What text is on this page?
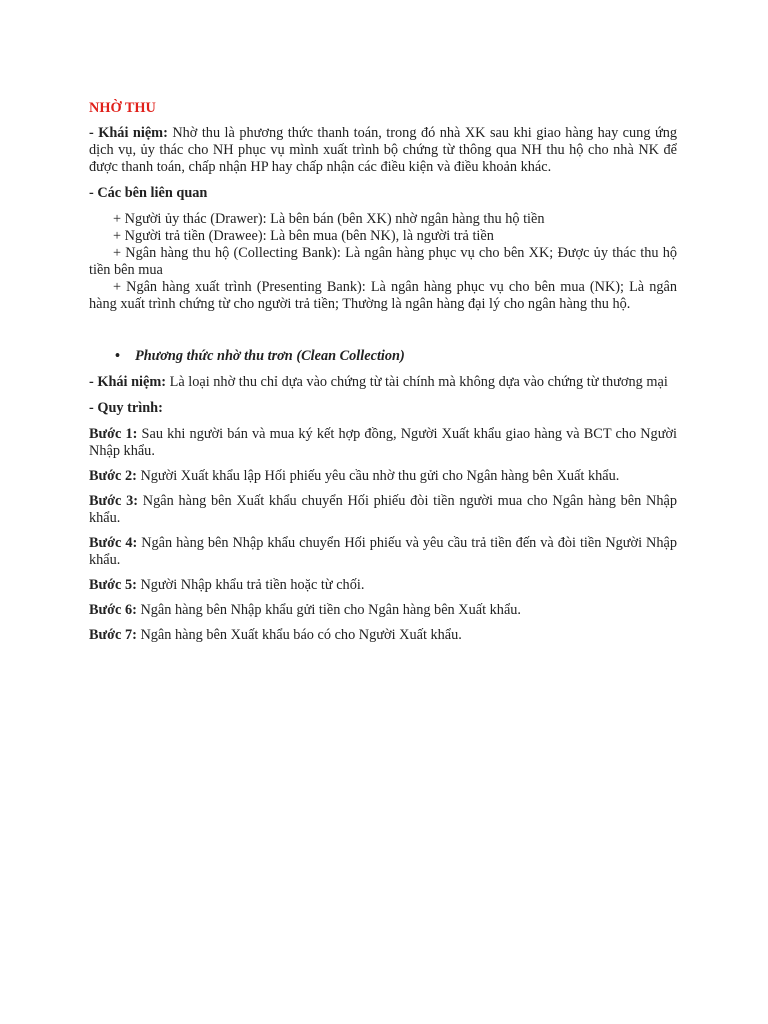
NHỜ THU

- Khái niệm: Nhờ thu là phương thức thanh toán, trong đó nhà XK sau khi giao hàng hay cung ứng dịch vụ, ủy thác cho NH phục vụ mình xuất trình bộ chứng từ thông qua NH thu hộ cho nhà NK để được thanh toán, chấp nhận HP hay chấp nhận các điều kiện và điều khoản khác.

- Các bên liên quan

+ Người ủy thác (Drawer): Là bên bán (bên XK) nhờ ngân hàng thu hộ tiền
+ Người trả tiền (Drawee): Là bên mua (bên NK), là người trả tiền
+ Ngân hàng thu hộ (Collecting Bank): Là ngân hàng phục vụ cho bên XK; Được ủy thác thu hộ tiền bên mua
+ Ngân hàng xuất trình (Presenting Bank): Là ngân hàng phục vụ cho bên mua (NK); Là ngân hàng xuất trình chứng từ cho người trả tiền; Thường là ngân hàng đại lý cho ngân hàng thu hộ.
• Phương thức nhờ thu trơn (Clean Collection)

- Khái niệm: Là loại nhờ thu chỉ dựa vào chứng từ tài chính mà không dựa vào chứng từ thương mại

- Quy trình:

Bước 1: Sau khi người bán và mua ký kết hợp đồng, Người Xuất khẩu giao hàng và BCT cho Người Nhập khẩu.
Bước 2: Người Xuất khẩu lập Hối phiếu yêu cầu nhờ thu gửi cho Ngân hàng bên Xuất khẩu.
Bước 3: Ngân hàng bên Xuất khẩu chuyển Hối phiếu đòi tiền người mua cho Ngân hàng bên Nhập khẩu.
Bước 4: Ngân hàng bên Nhập khẩu chuyển Hối phiếu và yêu cầu trả tiền đến và đòi tiền Người Nhập khẩu.
Bước 5: Người Nhập khẩu trả tiền hoặc từ chối.
Bước 6: Ngân hàng bên Nhập khẩu gửi tiền cho Ngân hàng bên Xuất khẩu.
Bước 7: Ngân hàng bên Xuất khẩu báo có cho Người Xuất khẩu.
